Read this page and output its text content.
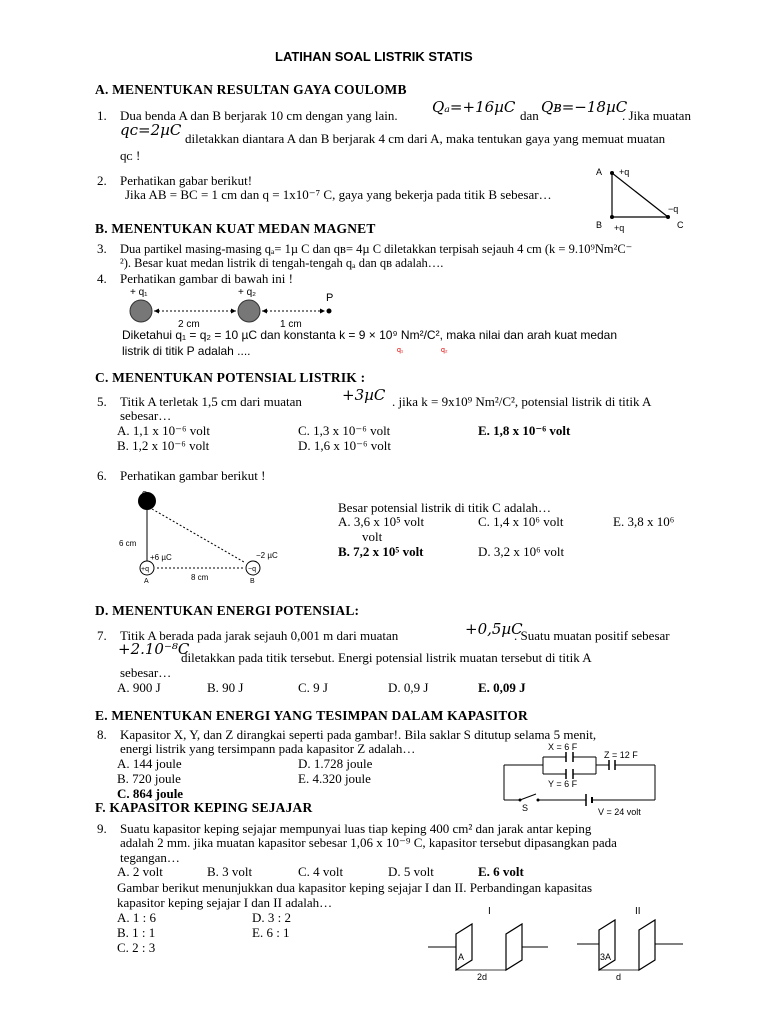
LATIHAN SOAL LISTRIK STATIS
A. MENENTUKAN RESULTAN GAYA COULOMB
1. Dua benda A dan B berjarak 10 cm dengan yang lain. Qₐ=+16µC dan Qʙ=−18µC
. Jika muatan
qᴄ=2µC diletakkan diantara A dan B berjarak 4 cm dari A, maka tentukan gaya yang memuat muatan
qᴄ !
2. Perhatikan gabar berikut!
Jika AB = BC = 1 cm dan q = 1x10⁻⁷ C, gaya yang bekerja pada titik B sebesar…
A +q
−q
B +q	C
B. MENENTUKAN KUAT MEDAN MAGNET
3. Dua partikel masing-masing qₐ= 1µ C dan qʙ= 4µ C diletakkan terpisah sejauh 4 cm (k = 9.10⁹Nm²C⁻
²). Besar kuat medan listrik di tengah-tengah qₐ dan qʙ adalah….
4. Perhatikan gambar di bawah ini !
+ q₁	+ q₂	P
2 cm	1 cm
Diketahui q₁ = q₂ = 10 µC dan konstanta k = 9 × 10⁹ Nm²/C², maka nilai dan arah kuat medan
listrik di titik P adalah ....	q₁	q₂
C. MENENTUKAN POTENSIAL LISTRIK :
5. Titik A terletak 1,5 cm dari muatan	+3µC . jika k = 9x10⁹ Nm²/C², potensial listrik di titik A
sebesar…
A. 1,1 x 10⁻⁶ volt	C. 1,3 x 10⁻⁶ volt	E. 1,8 x 10⁻⁶ volt
B. 1,2 x 10⁻⁶ volt	D. 1,6 x 10⁻⁶ volt
6. Perhatikan gambar berikut !
C
+q	−q
6 cm
+6 µC	−2 µC
8 cm
A	B
Besar potensial listrik di titik C adalah…
A. 3,6 x 10⁵ volt	C. 1,4 x 10⁶ volt	E. 3,8 x 10⁶
volt
B. 7,2 x 10⁵ volt	D. 3,2 x 10⁶ volt
D. MENENTUKAN ENERGI POTENSIAL:
7. Titik A berada pada jarak sejauh 0,001 m dari muatan	+0,5µC
. Suatu muatan positif sebesar
+2.10⁻⁸C
diletakkan pada titik tersebut. Energi potensial listrik muatan tersebut di titik A
sebesar…
A. 900 J	B. 90 J	C. 9 J	D. 0,9 J	E. 0,09 J
E. MENENTUKAN ENERGI YANG TESIMPAN DALAM KAPASITOR
8. Kapasitor X, Y, dan Z dirangkai seperti pada gambar!. Bila saklar S ditutup selama 5 menit,
energi listrik yang tersimpann pada kapasitor Z adalah…
A. 144 joule	D. 1.728 joule
B. 720 joule	E. 4.320 joule
C. 864 joule
X = 6 F
Z = 12 F
Y = 6 F
S	V = 24 volt
F. KAPASITOR KEPING SEJAJAR
9. Suatu kapasitor keping sejajar mempunyai luas tiap keping 400 cm² dan jarak antar keping
adalah 2 mm. jika muatan kapasitor sebesar 1,06 x 10⁻⁹ C, kapasitor tersebut dipasangkan pada
tegangan…
A. 2 volt	B. 3 volt	C. 4 volt	D. 5 volt	E. 6 volt
Gambar berikut menunjukkan dua kapasitor keping sejajar I dan II. Perbandingan kapasitas
kapasitor keping sejajar I dan II adalah…
A. 1 : 6	D. 3 : 2
B. 1 : 1	E. 6 : 1
C. 2 : 3
I
A
2d
II
3A
d
